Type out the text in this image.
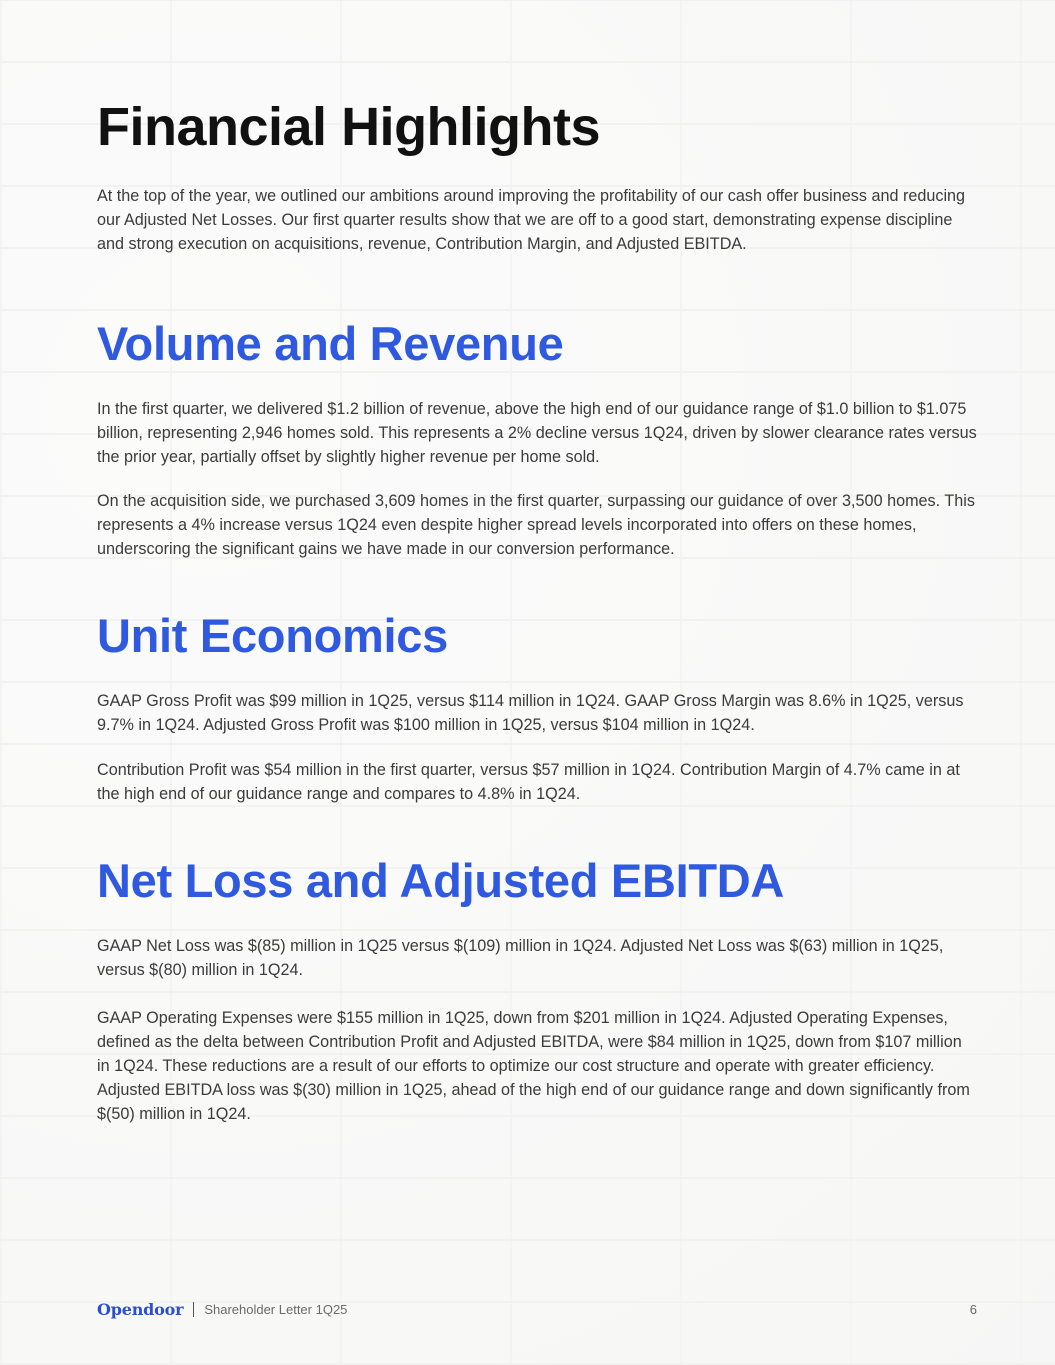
Financial Highlights

At the top of the year, we outlined our ambitions around improving the profitability of our cash offer business and reducing our Adjusted Net Losses. Our first quarter results show that we are off to a good start, demonstrating expense discipline and strong execution on acquisitions, revenue, Contribution Margin, and Adjusted EBITDA.

Volume and Revenue

In the first quarter, we delivered $1.2 billion of revenue, above the high end of our guidance range of $1.0 billion to $1.075 billion, representing 2,946 homes sold. This represents a 2% decline versus 1Q24, driven by slower clearance rates versus the prior year, partially offset by slightly higher revenue per home sold.

On the acquisition side, we purchased 3,609 homes in the first quarter, surpassing our guidance of over 3,500 homes. This represents a 4% increase versus 1Q24 even despite higher spread levels incorporated into offers on these homes, underscoring the significant gains we have made in our conversion performance.

Unit Economics

GAAP Gross Profit was $99 million in 1Q25, versus $114 million in 1Q24. GAAP Gross Margin was 8.6% in 1Q25, versus 9.7% in 1Q24. Adjusted Gross Profit was $100 million in 1Q25, versus $104 million in 1Q24.

Contribution Profit was $54 million in the first quarter, versus $57 million in 1Q24. Contribution Margin of 4.7% came in at the high end of our guidance range and compares to 4.8% in 1Q24.

Net Loss and Adjusted EBITDA

GAAP Net Loss was $(85) million in 1Q25 versus $(109) million in 1Q24. Adjusted Net Loss was $(63) million in 1Q25, versus $(80) million in 1Q24.

GAAP Operating Expenses were $155 million in 1Q25, down from $201 million in 1Q24. Adjusted Operating Expenses, defined as the delta between Contribution Profit and Adjusted EBITDA, were $84 million in 1Q25, down from $107 million in 1Q24. These reductions are a result of our efforts to optimize our cost structure and operate with greater efficiency. Adjusted EBITDA loss was $(30) million in 1Q25, ahead of the high end of our guidance range and down significantly from $(50) million in 1Q24.

Opendoor Shareholder Letter 1Q25	6
